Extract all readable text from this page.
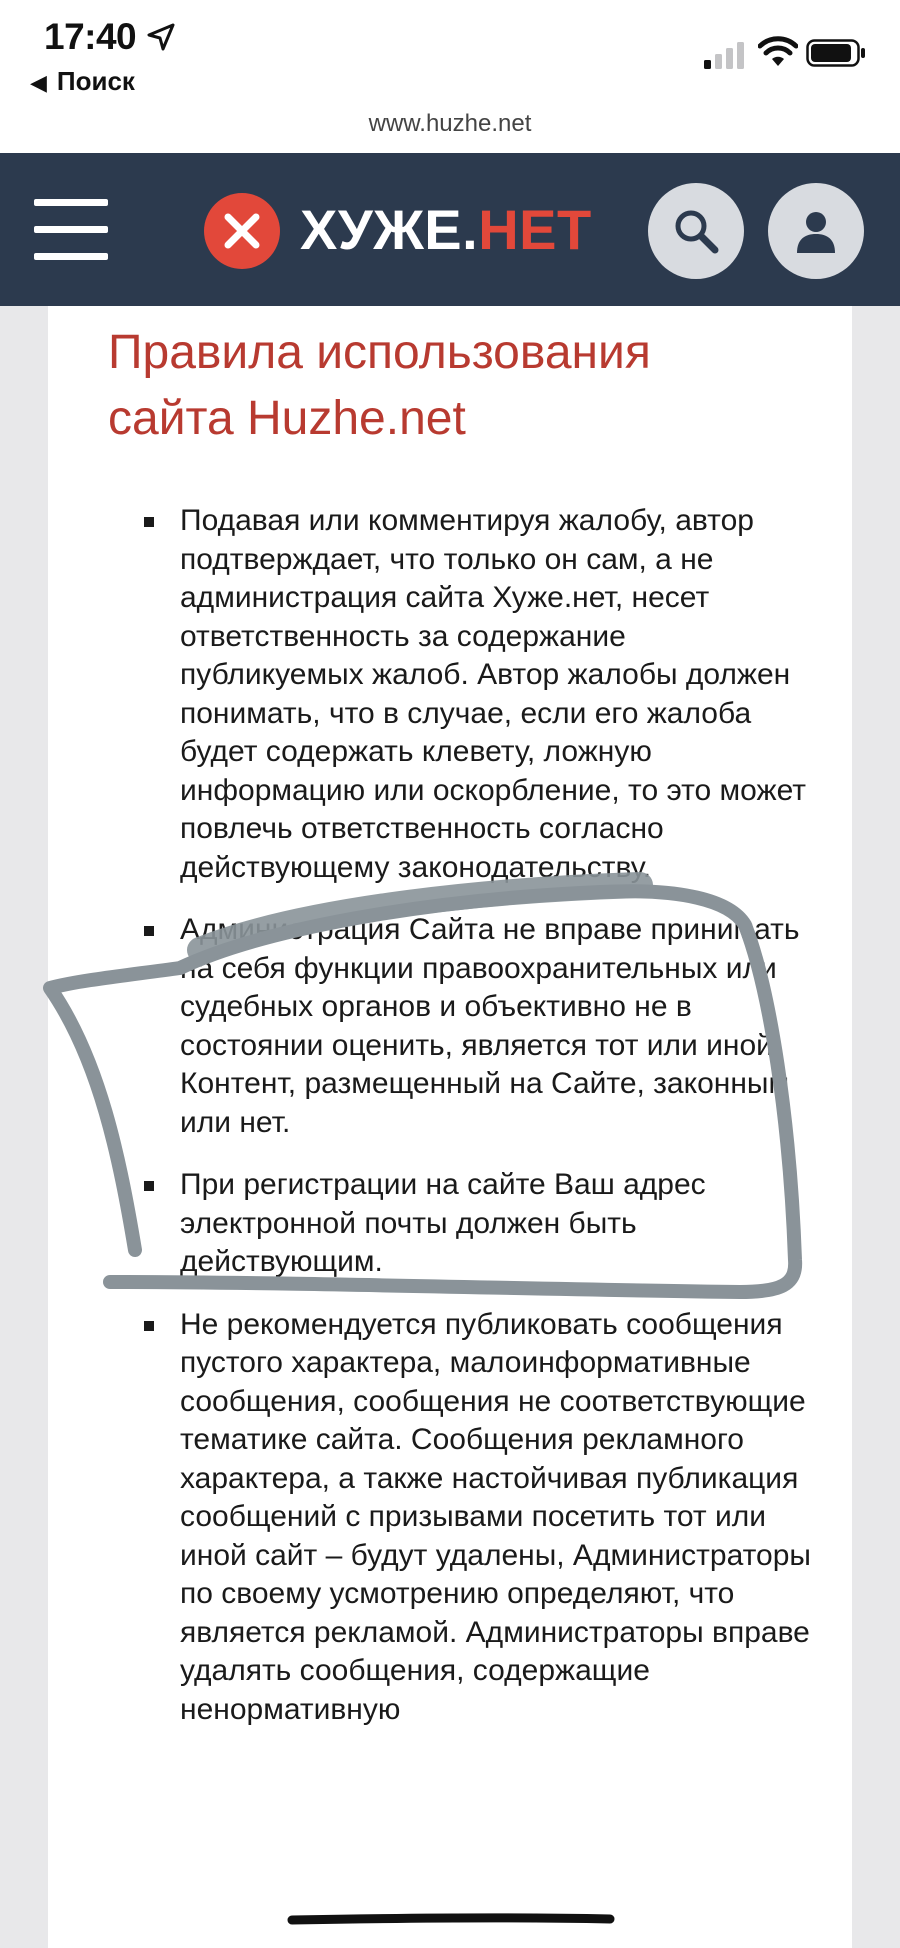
17:40
◀ Поиск
www.huzhe.net
ХУЖЕ.НЕТ
Правила использования
сайта Huzhe.net
Подавая или комментируя жалобу, автор подтверждает, что только он сам, а не администрация сайта Хуже.нет, несет ответственность за содержание публикуемых жалоб. Автор жалобы должен понимать, что в случае, если его жалоба будет содержать клевету, ложную информацию или оскорбление, то это может повлечь ответственность согласно действующему законодательству.
Администрация Сайта не вправе принимать на себя функции правоохранительных или судебных органов и объективно не в состоянии оценить, является тот или иной Контент, размещенный на Сайте, законным или нет.
При регистрации на сайте Ваш адрес электронной почты должен быть действующим.
Не рекомендуется публиковать сообщения пустого характера, малоинформативные сообщения, сообщения не соответствующие тематике сайта. Сообщения рекламного характера, а также настойчивая публикация сообщений с призывами посетить тот или иной сайт – будут удалены, Администраторы по своему усмотрению определяют, что является рекламой. Администраторы вправе удалять сообщения, содержащие ненормативную
